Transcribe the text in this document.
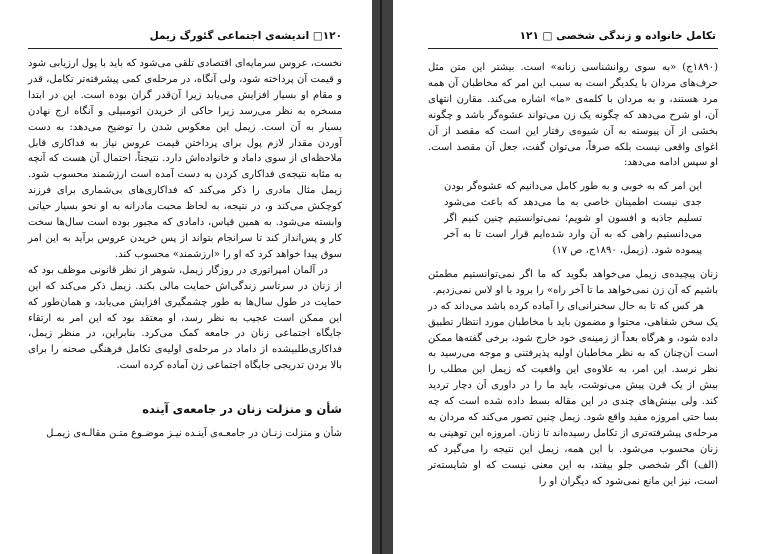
۱۲۰□ اندیشه‌ی اجتماعی گئورگ زیمل

نخست، عروس سرمایه‌ای اقتصادی تلقی می‌شود که باید با پول ارزیابی شود و قیمت آن پرداخته شود، ولی آنگاه، در مرحله‌ی کمی پیشرفته‌تر تکامل، قدر و مقام او بسیار افزایش می‌یابد زیرا آن‌قدر گران بوده است. این در ابتدا مسخره به نظر می‌رسد زیرا حاکی از خریدن اتومبیلی و آنگاه ارج نهادن بسیار به آن است. زیمل این معکوس شدن را توضیح می‌دهد: به دست آوردن مقدار لازم پول برای پرداختن قیمت عروس نیاز به فداکاری قابل ملاحظه‌ای از سوی داماد و خانواده‌اش دارد. نتیجتاً، احتمال آن هست که آنچه به مثابه نتیجه‌ی فداکاری کردن به دست آمده است ارزشمند محسوب شود. زیمل مثال مادری را ذکر می‌کند که فداکاری‌های بی‌شماری برای فرزند کوچکش می‌کند و، در نتیجه، به لحاظ محبت مادرانه به او نحو بسیار حیاتی وابسته می‌شود. به همین قیاس، دامادی که مجبور بوده است سال‌ها سخت کار و پس‌انداز کند تا سرانجام بتواند از پس خریدن عروس برآید به این امر سوق پیدا خواهد کرد که او را «ارزشمند» محسوب کند.

در آلمان امپراتوری در روزگار زیمل، شوهر از نظر قانونی موظف بود که از زنان در سرتاسر زندگی‌اش حمایت مالی بکند. زیمل ذکر می‌کند که این حمایت در طول سال‌ها به طور چشمگیری افزایش می‌یابد، و همان‌طور که این ممکن است عجیب به نظر رسد، او معتقد بود که این امر به ارتقاء جایگاه اجتماعی زنان در جامعه کمک می‌کرد. بنابراین، در منظر زیمل، فداکاری‌طلبیشده از داماد در مرحله‌ی اولیه‌ی تکامل فرهنگی صحنه را برای بالا بردن تدریجی جایگاه اجتماعی زن آماده کرده است.

شأن و منزلت زنان در جامعه‌ی آینده

شأن و منزلت زنـان در جامعـه‌ی آینـده نیـز موضـوع متـن مقالـه‌ی زیمـل

تکامل خانواده و زندگی شخصی □ ۱۲۱

(۱۸۹۰ج) «به سوی روانشناسی زنانه» است. بیشتر این متن مثل حرف‌های مردان با یکدیگر است به سبب این امر که مخاطبان آن همه مرد هستند، و به مردان با کلمه‌ی «ما» اشاره می‌کند. مقارن انتهای آن، او شرح می‌دهد که چگونه یک زن می‌تواند عشوه‌گر باشد و چگونه بخشی از آن پیوسته به آن شیوه‌ی رفتار این است که مقصد از آن اغوای واقعی نیست بلکه صرفاً، می‌توان گفت، جعل آن مقصد است. او سپس ادامه می‌دهد:

این امر که به خوبی و به طور کامل می‌دانیم که عشوه‌گر بودن جدی نیست اطمینان خاصی به ما می‌دهد که باعث می‌شود تسلیم جاذبه و افسون او شویم؛ نمی‌توانستیم چنین کنیم اگر می‌دانستیم راهی که به آن وارد شده‌ایم قرار است تا به آخر پیموده شود. (زیمل، ۱۸۹۰ج، ص ۱۷)

زنان پیچیده‌ی زیمل می‌خواهد بگوید که ما اگر نمی‌توانستیم مطمئن باشیم که آن زن نمی‌خواهد ما تا آخر راه» را برود با او لاس نمی‌زدیم.

هر کس که تا به حال سخنرانی‌ای را آماده کرده باشد می‌داند که در یک سخن شفاهی، محتوا و مضمون باید با مخاطبان مورد انتظار تطبیق داده شود، و هرگاه بعداً از زمینه‌ی خود خارج شود، برخی گفته‌ها ممکن است آن‌چنان که به نظر مخاطبان اولیه پذیرفتنی و موجه می‌رسید به نظر نرسد. این امر، به علاوه‌ی این واقعیت که زیمل این مطلب را بیش از یک قرن پیش می‌نوشت، باید ما را در داوری آن دچار تردید کند. ولی بینش‌های چندی در این مقاله بسط داده شده است که چه بسا حتی امروزه مفید واقع شود. زیمل چنین تصور می‌کند که مردان به مرحله‌ی پیشرفته‌تری از تکامل رسیده‌اند تا زنان. امروزه این توهینی به زنان محسوب می‌شود. با این همه، زیمل این نتیجه را می‌گیرد که (الف) اگر شخصی جلو بیفتد، به این معنی نیست که او شایسته‌تر است، نیز این مانع نمی‌شود که دیگران او را
